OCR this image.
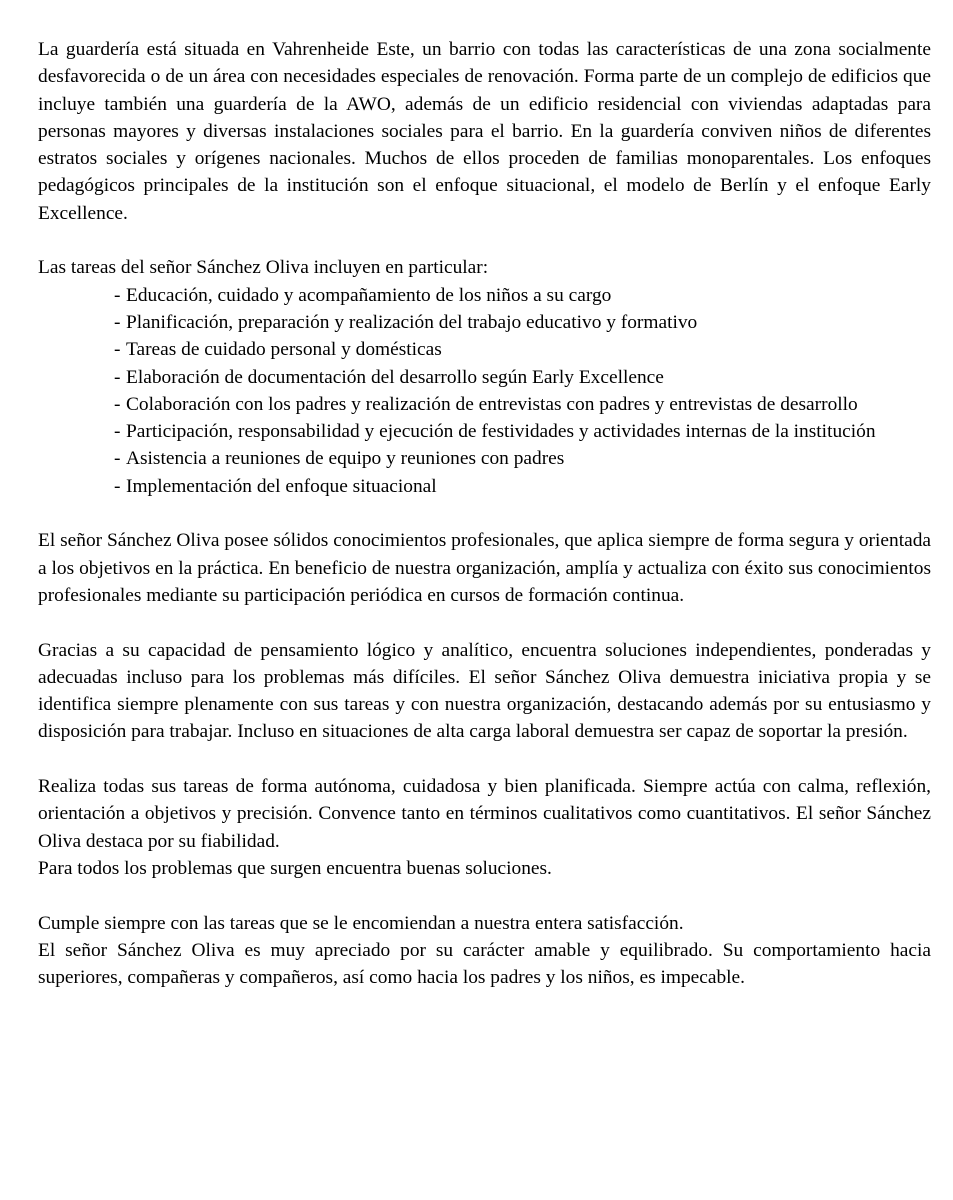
La guardería está situada en Vahrenheide Este, un barrio con todas las características de una zona socialmente desfavorecida o de un área con necesidades especiales de renovación. Forma parte de un complejo de edificios que incluye también una guardería de la AWO, además de un edificio residencial con viviendas adaptadas para personas mayores y diversas instalaciones sociales para el barrio. En la guardería conviven niños de diferentes estratos sociales y orígenes nacionales. Muchos de ellos proceden de familias monoparentales. Los enfoques pedagógicos principales de la institución son el enfoque situacional, el modelo de Berlín y el enfoque Early Excellence.

Las tareas del señor Sánchez Oliva incluyen en particular:

- Educación, cuidado y acompañamiento de los niños a su cargo
- Planificación, preparación y realización del trabajo educativo y formativo
- Tareas de cuidado personal y domésticas
- Elaboración de documentación del desarrollo según Early Excellence
- Colaboración con los padres y realización de entrevistas con padres y entrevistas de desarrollo
- Participación, responsabilidad y ejecución de festividades y actividades internas de la institución
- Asistencia a reuniones de equipo y reuniones con padres
- Implementación del enfoque situacional

El señor Sánchez Oliva posee sólidos conocimientos profesionales, que aplica siempre de forma segura y orientada a los objetivos en la práctica. En beneficio de nuestra organización, amplía y actualiza con éxito sus conocimientos profesionales mediante su participación periódica en cursos de formación continua.

Gracias a su capacidad de pensamiento lógico y analítico, encuentra soluciones independientes, ponderadas y adecuadas incluso para los problemas más difíciles. El señor Sánchez Oliva demuestra iniciativa propia y se identifica siempre plenamente con sus tareas y con nuestra organización, destacando además por su entusiasmo y disposición para trabajar. Incluso en situaciones de alta carga laboral demuestra ser capaz de soportar la presión.

Realiza todas sus tareas de forma autónoma, cuidadosa y bien planificada. Siempre actúa con calma, reflexión, orientación a objetivos y precisión. Convence tanto en términos cualitativos como cuantitativos. El señor Sánchez Oliva destaca por su fiabilidad.

Para todos los problemas que surgen encuentra buenas soluciones.

Cumple siempre con las tareas que se le encomiendan a nuestra entera satisfacción.

El señor Sánchez Oliva es muy apreciado por su carácter amable y equilibrado. Su comportamiento hacia superiores, compañeras y compañeros, así como hacia los padres y los niños, es impecable.
